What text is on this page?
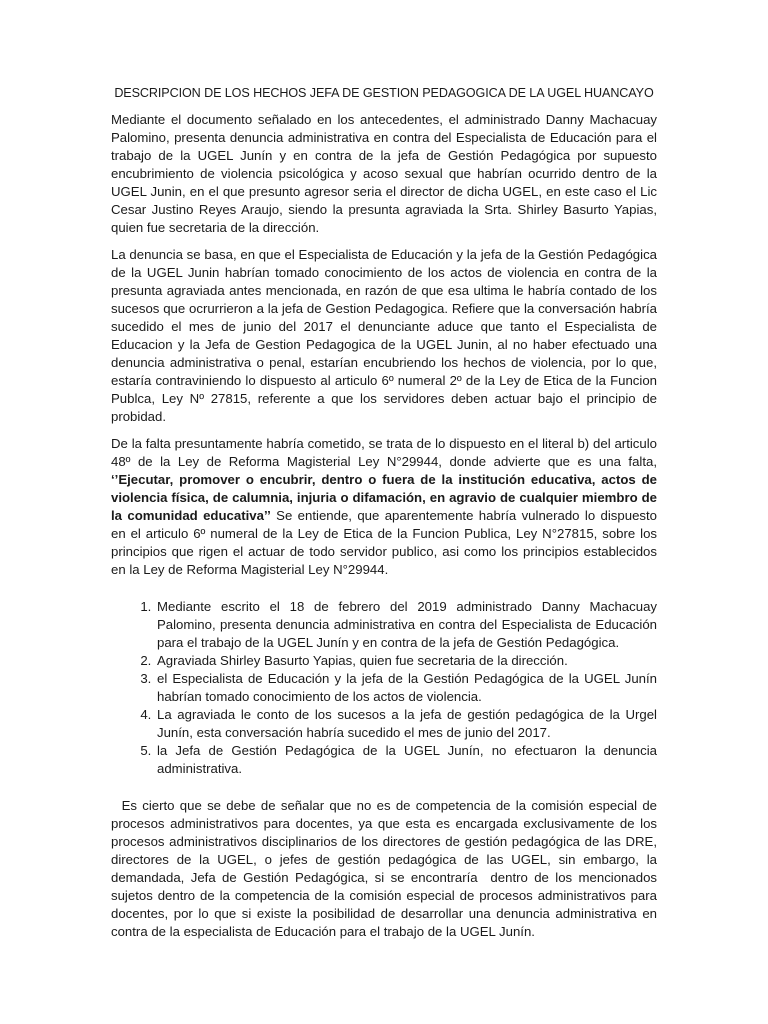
DESCRIPCION DE LOS HECHOS JEFA DE GESTION PEDAGOGICA DE LA UGEL HUANCAYO

Mediante el documento señalado en los antecedentes, el administrado Danny Machacuay Palomino, presenta denuncia administrativa en contra del Especialista de Educación para el trabajo de la UGEL Junín y en contra de la jefa de Gestión Pedagógica por supuesto encubrimiento de violencia psicológica y acoso sexual que habrían ocurrido dentro de la UGEL Junin, en el que presunto agresor seria el director de dicha UGEL, en este caso el Lic Cesar Justino Reyes Araujo, siendo la presunta agraviada la Srta. Shirley Basurto Yapias, quien fue secretaria de la dirección.

La denuncia se basa, en que el Especialista de Educación y la jefa de la Gestión Pedagógica de la UGEL Junin habrían tomado conocimiento de los actos de violencia en contra de la presunta agraviada antes mencionada, en razón de que esa ultima le habría contado de los sucesos que ocrurrieron a la jefa de Gestion Pedagogica. Refiere que la conversación habría sucedido el mes de junio del 2017 el denunciante aduce que tanto el Especialista de Educacion y la Jefa de Gestion Pedagogica de la UGEL Junin, al no haber efectuado una denuncia administrativa o penal, estarían encubriendo los hechos de violencia, por lo que, estaría contraviniendo lo dispuesto al articulo 6º numeral 2º de la Ley de Etica de la Funcion Publca, Ley Nº 27815, referente a que los servidores deben actuar bajo el principio de probidad.

De la falta presuntamente habría cometido, se trata de lo dispuesto en el literal b) del articulo 48º de la Ley de Reforma Magisterial Ley N°29944, donde advierte que es una falta, ‘’Ejecutar, promover o encubrir, dentro o fuera de la institución educativa, actos de violencia física, de calumnia, injuria o difamación, en agravio de cualquier miembro de la comunidad educativa’’ Se entiende, que aparentemente habría vulnerado lo dispuesto en el articulo 6º numeral de la Ley de Etica de la Funcion Publica, Ley N°27815, sobre los principios que rigen el actuar de todo servidor publico, asi como los principios establecidos en la Ley de Reforma Magisterial Ley N°29944.

1. Mediante escrito el 18 de febrero del 2019 administrado Danny Machacuay Palomino, presenta denuncia administrativa en contra del Especialista de Educación para el trabajo de la UGEL Junín y en contra de la jefa de Gestión Pedagógica.
2. Agraviada Shirley Basurto Yapias, quien fue secretaria de la dirección.
3. el Especialista de Educación y la jefa de la Gestión Pedagógica de la UGEL Junín habrían tomado conocimiento de los actos de violencia.
4. La agraviada le conto de los sucesos a la jefa de gestión pedagógica de la Urgel Junín, esta conversación habría sucedido el mes de junio del 2017.
5. la Jefa de Gestión Pedagógica de la UGEL Junín, no efectuaron la denuncia administrativa.

Es cierto que se debe de señalar que no es de competencia de la comisión especial de procesos administrativos para docentes, ya que esta es encargada exclusivamente de los procesos administrativos disciplinarios de los directores de gestión pedagógica de las DRE, directores de la UGEL, o jefes de gestión pedagógica de las UGEL, sin embargo, la demandada, Jefa de Gestión Pedagógica, si se encontraría  dentro de los mencionados sujetos dentro de la competencia de la comisión especial de procesos administrativos para docentes, por lo que si existe la posibilidad de desarrollar una denuncia administrativa en contra de la especialista de Educación para el trabajo de la UGEL Junín.
